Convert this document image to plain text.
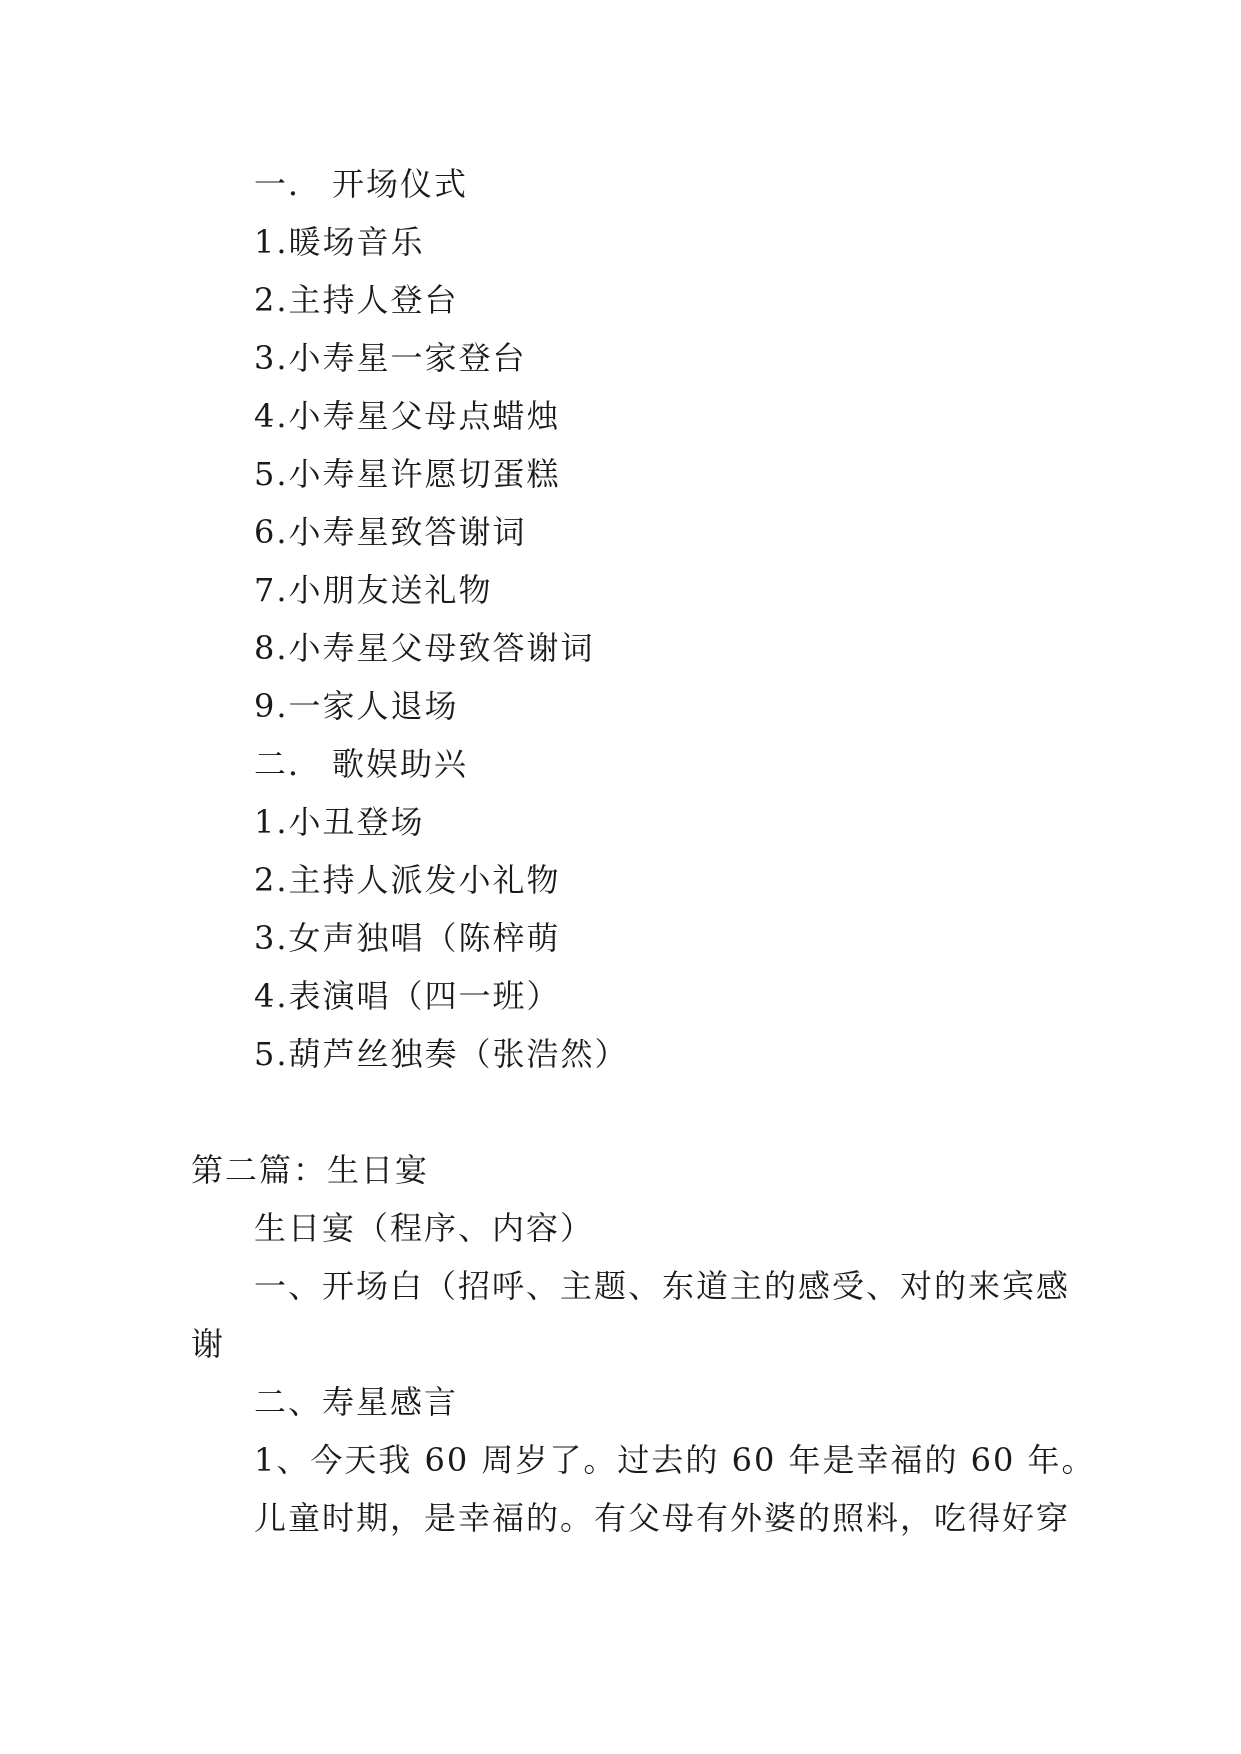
一． 开场仪式
1.暖场音乐
2.主持人登台
3.小寿星一家登台
4.小寿星父母点蜡烛
5.小寿星许愿切蛋糕
6.小寿星致答谢词
7.小朋友送礼物
8.小寿星父母致答谢词
9.一家人退场
二． 歌娱助兴
1.小丑登场
2.主持人派发小礼物
3.女声独唱（陈梓萌
4.表演唱（四一班）
5.葫芦丝独奏（张浩然）
第二篇：生日宴
生日宴（程序、内容）
一、开场白（招呼、主题、东道主的感受、对的来宾感
谢
二、寿星感言
1、今天我 60 周岁了。过去的 60 年是幸福的 60 年。
儿童时期，是幸福的。有父母有外婆的照料，吃得好穿
